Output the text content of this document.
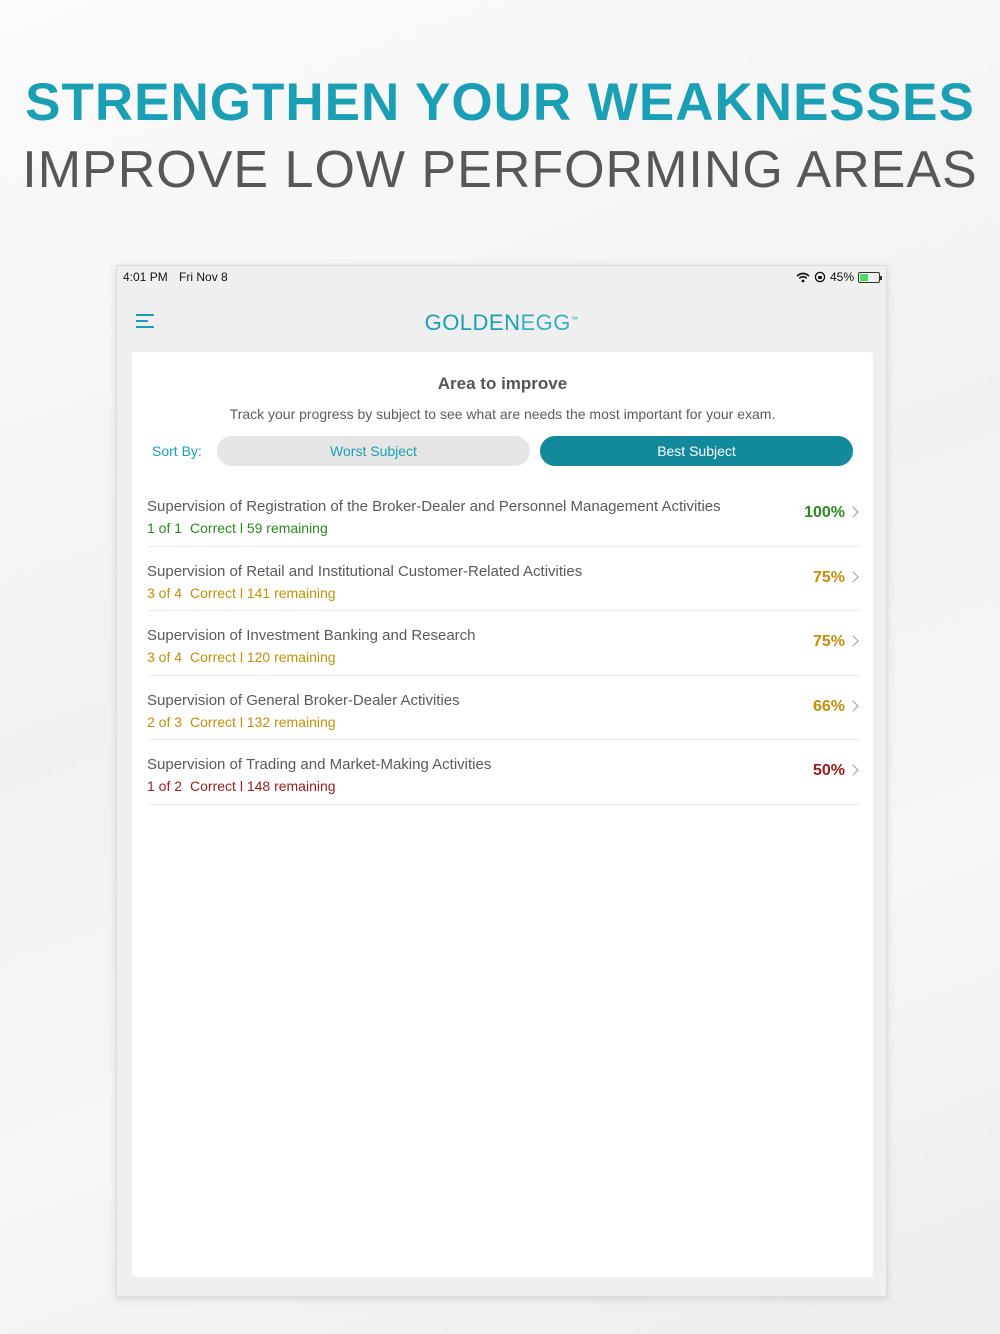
STRENGTHEN YOUR WEAKNESSES
IMPROVE LOW PERFORMING AREAS
4:01 PM Fri Nov 8	45%
GOLDENEGG™
Area to improve
Track your progress by subject to see what are needs the most important for your exam.
Sort By:	Worst Subject	Best Subject
Supervision of Registration of the Broker-Dealer and Personnel Management Activities
1 of 1 Correct l 59 remaining
100%
Supervision of Retail and Institutional Customer-Related Activities
3 of 4 Correct l 141 remaining
75%
Supervision of Investment Banking and Research
3 of 4 Correct l 120 remaining
75%
Supervision of General Broker-Dealer Activities
2 of 3 Correct l 132 remaining
66%
Supervision of Trading and Market-Making Activities
1 of 2 Correct l 148 remaining
50%
